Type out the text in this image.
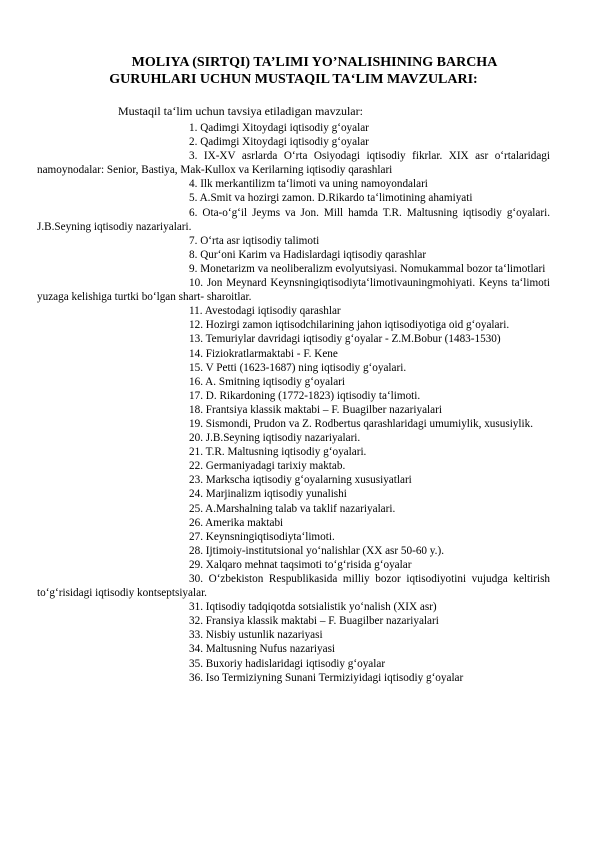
MOLIYA (SIRTQI) TA’LIMI YO’NALISHINING BARCHA
GURUHLARI UCHUN MUSTAQIL TA‘LIM MAVZULARI:

Mustaqil ta‘lim uchun tavsiya etiladigan mavzular:

1. Qadimgi Xitoydagi iqtisodiy g‘oyalar
2. Qadimgi Xitoydagi iqtisodiy g‘oyalar
3. IX-XV asrlarda O‘rta Osiyodagi iqtisodiy fikrlar. XIX asr o‘rtalaridagi namoynodalar: Senior, Bastiya, Mak-Kullox va Kerilarning iqtisodiy qarashlari
4. Ilk merkantilizm ta‘limoti va uning namoyondalari
5. A.Smit va hozirgi zamon. D.Rikardo ta‘limotining ahamiyati
6. Ota-o‘g‘il Jeyms va Jon. Mill hamda T.R. Maltusning iqtisodiy g‘oyalari. J.B.Seyning iqtisodiy nazariyalari.
7. O‘rta asr iqtisodiy talimoti
8. Qur‘oni Karim va Hadislardagi iqtisodiy qarashlar
9. Monetarizm va neoliberalizm evolyutsiyasi. Nomukammal bozor ta‘limotlari
10. Jon Meynard Keynsningiqtisodiyta‘limotivauningmohiyati. Keyns ta‘limoti yuzaga kelishiga turtki bo‘lgan shart- sharoitlar.
11. Avestodagi iqtisodiy qarashlar
12. Hozirgi zamon iqtisodchilarining jahon iqtisodiyotiga oid g‘oyalari.
13. Temuriylar davridagi iqtisodiy g‘oyalar - Z.M.Bobur (1483-1530)
14. Fiziokratlarmaktabi - F. Kene
15. V Petti (1623-1687) ning iqtisodiy g‘oyalari.
16. A. Smitning iqtisodiy g‘oyalari
17. D. Rikardoning (1772-1823) iqtisodiy ta‘limoti.
18. Frantsiya klassik maktabi – F. Buagilber nazariyalari
19. Sismondi, Prudon va Z. Rodbertus qarashlaridagi umumiylik, xususiylik.
20. J.B.Seyning iqtisodiy nazariyalari.
21. T.R. Maltusning iqtisodiy g‘oyalari.
22. Germaniyadagi tarixiy maktab.
23. Markscha iqtisodiy g‘oyalarning xususiyatlari
24. Marjinalizm iqtisodiy yunalishi
25. A.Marshalning talab va taklif nazariyalari.
26. Amerika maktabi
27. Keynsningiqtisodiyta‘limoti.
28. Ijtimoiy-institutsional yo‘nalishlar (XX asr 50-60 y.).
29. Xalqaro mehnat taqsimoti to‘g‘risida g‘oyalar
30. O‘zbekiston Respublikasida milliy bozor iqtisodiyotini vujudga keltirish to‘g‘risidagi iqtisodiy kontseptsiyalar.
31. Iqtisodiy tadqiqotda sotsialistik yo‘nalish (XIX asr)
32. Fransiya klassik maktabi – F. Buagilber nazariyalari
33. Nisbiy ustunlik nazariyasi
34. Maltusning Nufus nazariyasi
35. Buxoriy hadislaridagi iqtisodiy g‘oyalar
36. Iso Termiziyning Sunani Termiziyidagi iqtisodiy g‘oyalar
